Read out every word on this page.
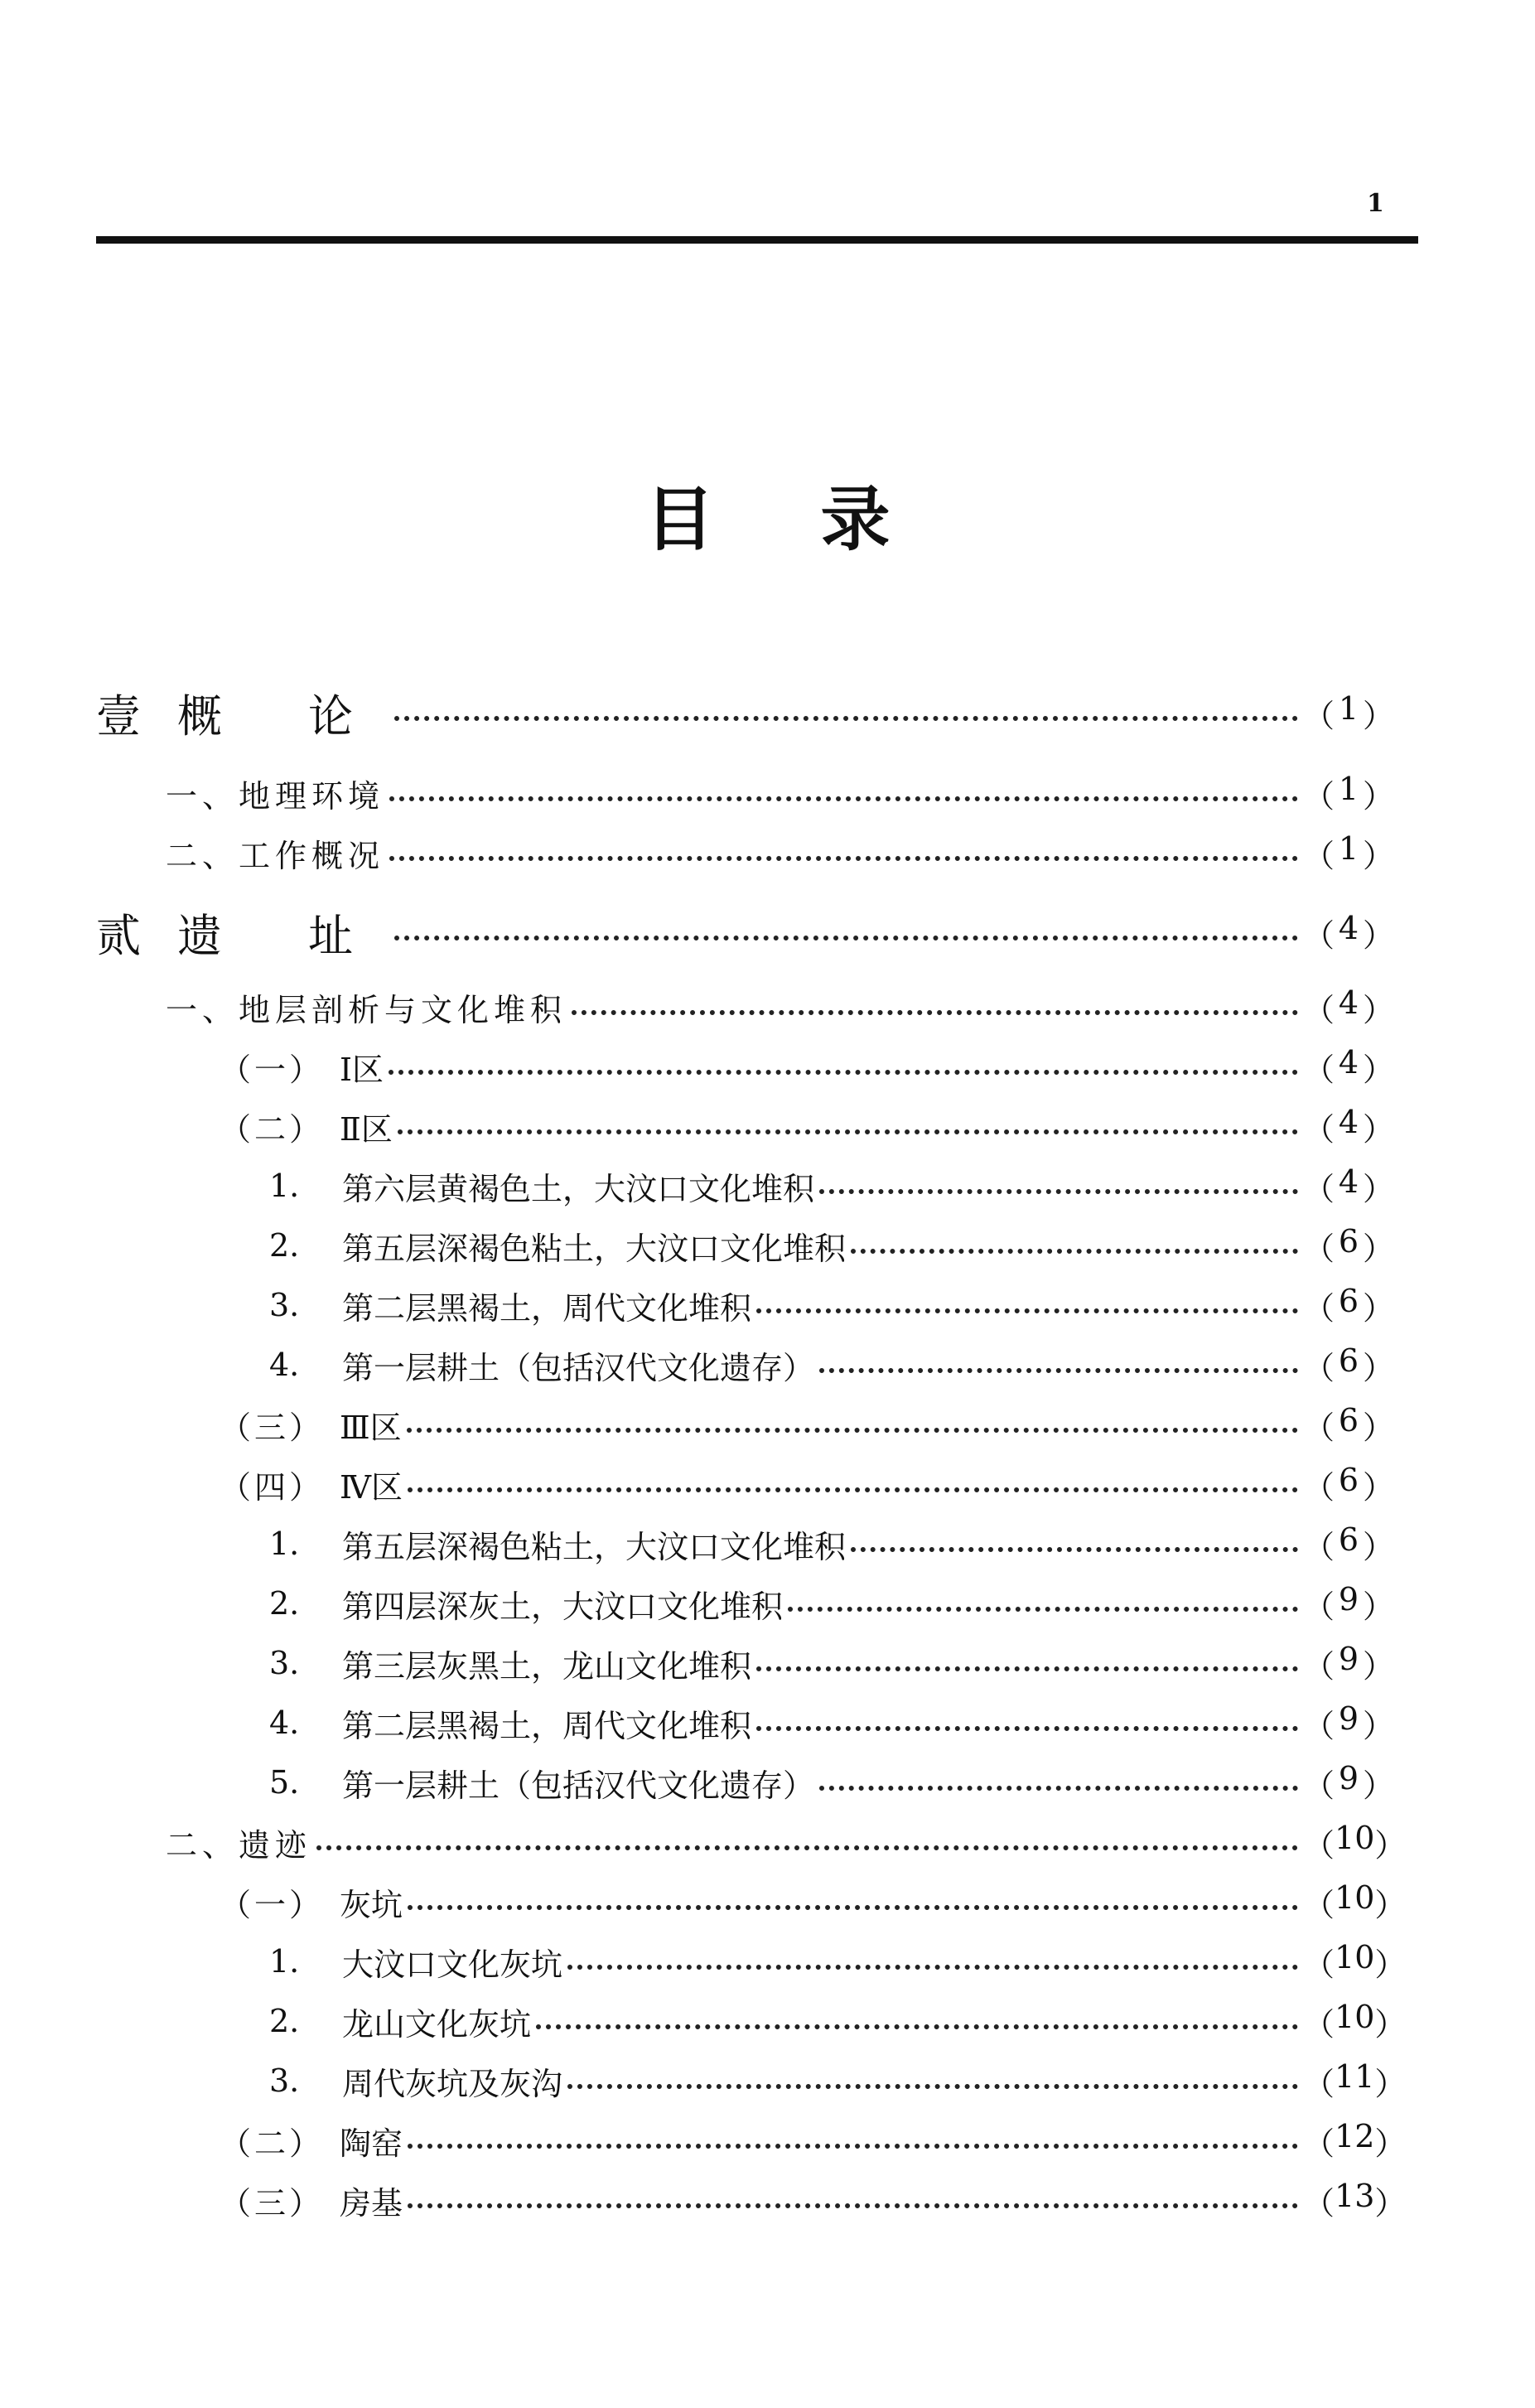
1
目录
壹概 论	（ 1 ）
一、地理环境	（ 1 ）
二、工作概况	（ 1 ）
贰遗 址	（ 4 ）
一、地层剖析与文化堆积	（ 4 ）
（一） Ⅰ区	（ 4 ）
（二） Ⅱ区	（ 4 ）
1.	第六层黄褐色土，大汶口文化堆积	（ 4 ）
2.	第五层深褐色粘土，大汶口文化堆积	（ 6 ）
3.	第二层黑褐土，周代文化堆积	（ 6 ）
4.	第一层耕土（包括汉代文化遗存）	（ 6 ）
（三） Ⅲ区	（ 6 ）
（四） Ⅳ区	（ 6 ）
1.	第五层深褐色粘土，大汶口文化堆积	（ 6 ）
2.	第四层深灰土，大汶口文化堆积	（ 9 ）
3.	第三层灰黑土，龙山文化堆积	（ 9 ）
4.	第二层黑褐土，周代文化堆积	（ 9 ）
5.	第一层耕土（包括汉代文化遗存）	（ 9 ）
二、遗迹	（ 10 ）
（一） 灰坑	（ 10 ）
1.	大汶口文化灰坑	（ 10 ）
2.	龙山文化灰坑	（ 10 ）
3.	周代灰坑及灰沟	（ 11 ）
（二） 陶窑	（ 12 ）
（三） 房基	（ 13 ）
